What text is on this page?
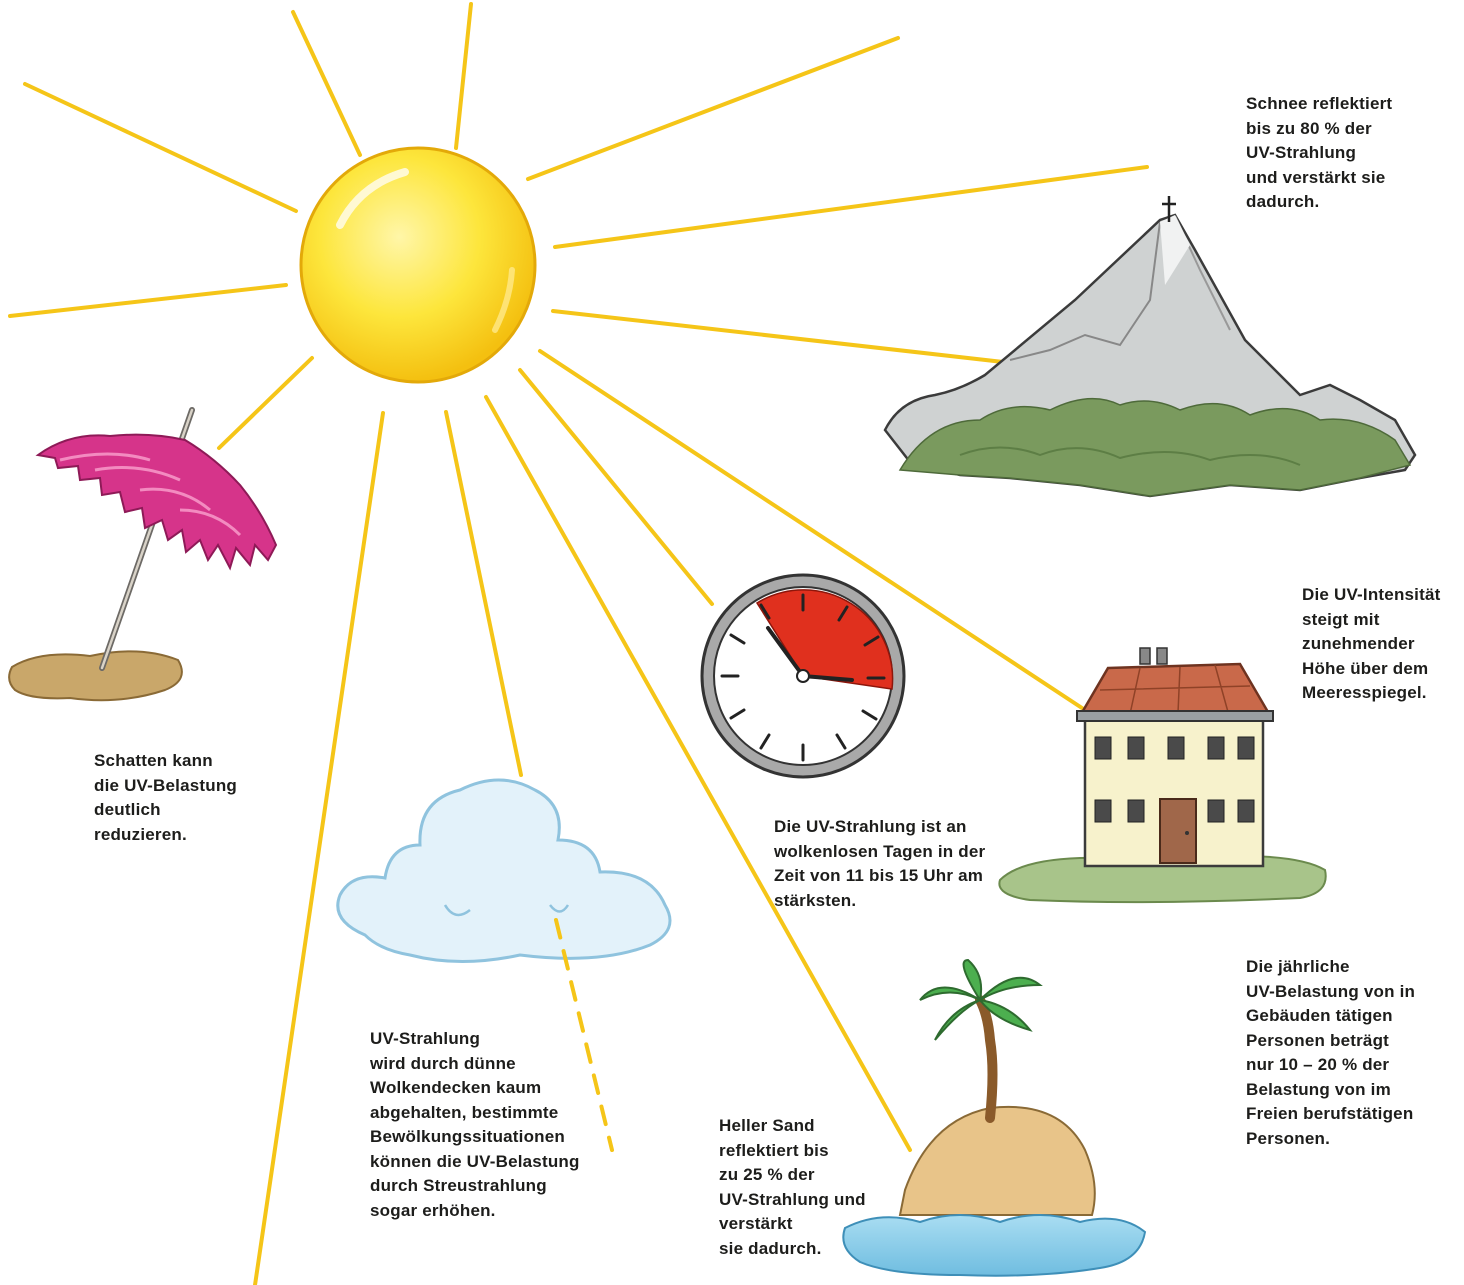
Schnee reflektiert
bis zu 80 % der
UV-Strahlung
und verstärkt sie
dadurch.

Die UV-Intensität
steigt mit
zunehmender
Höhe über dem
Meeresspiegel.

Schatten kann
die UV-Belastung
deutlich
reduzieren.	Die UV-Strahlung ist an
wolkenlosen Tagen in der
Zeit von 11 bis 15 Uhr am
stärksten.

Die jährliche
UV-Belastung von in
Gebäuden tätigen
Personen beträgt
nur 10 – 20 % der
Belastung von im
Freien berufstätigen
Personen.

UV-Strahlung
wird durch dünne
Wolkendecken kaum
abgehalten, bestimmte
Bewölkungssituationen
können die UV-Belastung
durch Streustrahlung
sogar erhöhen.

Heller Sand
reflektiert bis
zu 25 % der
UV-Strahlung und
verstärkt
sie dadurch.
